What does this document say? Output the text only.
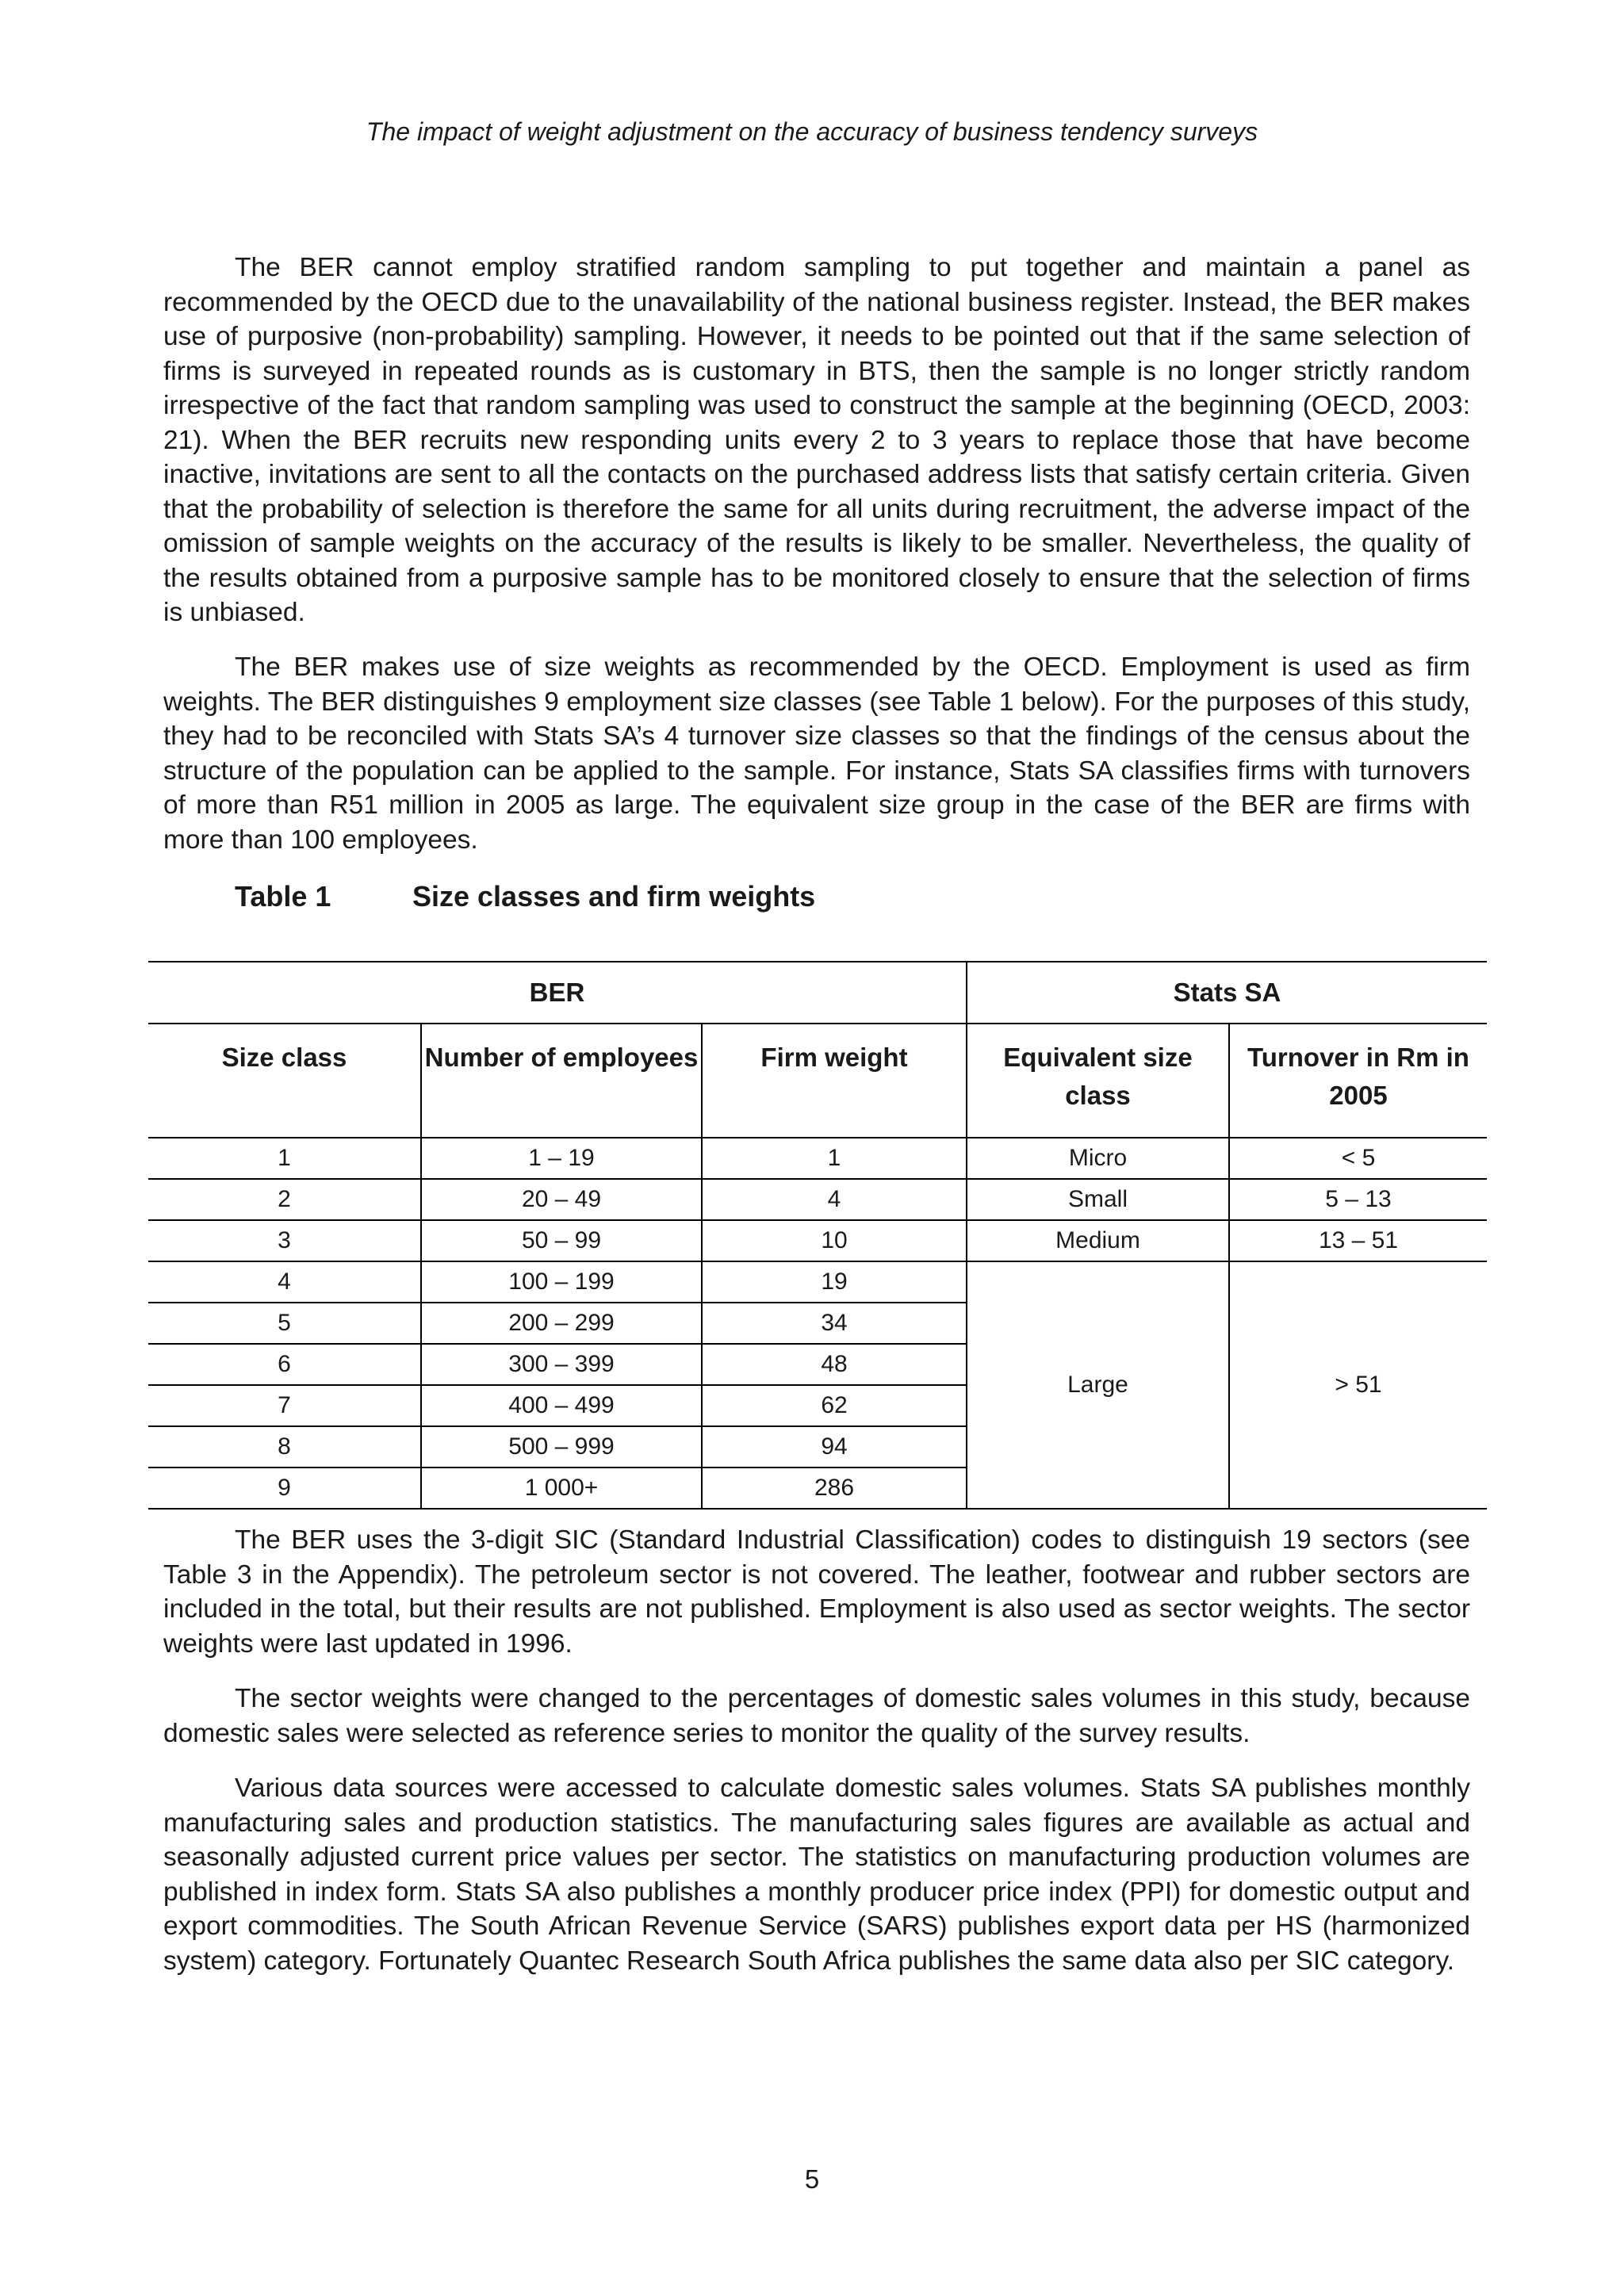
The impact of weight adjustment on the accuracy of business tendency surveys

The BER cannot employ stratified random sampling to put together and maintain a panel as recommended by the OECD due to the unavailability of the national business register. Instead, the BER makes use of purposive (non-probability) sampling. However, it needs to be pointed out that if the same selection of firms is surveyed in repeated rounds as is customary in BTS, then the sample is no longer strictly random irrespective of the fact that random sampling was used to construct the sample at the beginning (OECD, 2003: 21). When the BER recruits new responding units every 2 to 3 years to replace those that have become inactive, invitations are sent to all the contacts on the purchased address lists that satisfy certain criteria. Given that the probability of selection is therefore the same for all units during recruitment, the adverse impact of the omission of sample weights on the accuracy of the results is likely to be smaller. Nevertheless, the quality of the results obtained from a purposive sample has to be monitored closely to ensure that the selection of firms is unbiased.

The BER makes use of size weights as recommended by the OECD. Employment is used as firm weights. The BER distinguishes 9 employment size classes (see Table 1 below). For the purposes of this study, they had to be reconciled with Stats SA’s 4 turnover size classes so that the findings of the census about the structure of the population can be applied to the sample. For instance, Stats SA classifies firms with turnovers of more than R51 million in 2005 as large. The equivalent size group in the case of the BER are firms with more than 100 employees.

Table 1	Size classes and firm weights
BER			Stats SA	
Size class	Number of employees	Firm weight	Equivalent size class	Turnover in Rm in 2005
1	1 – 19	1	Micro	< 5
2	20 – 49	4	Small	5 – 13
3	50 – 99	10	Medium	13 – 51
4	100 – 199	19	Large	> 51
5	200 – 299	34		
6	300 – 399	48		
7	400 – 499	62		
8	500 – 999	94		
9	1 000+	286		

The BER uses the 3-digit SIC (Standard Industrial Classification) codes to distinguish 19 sectors (see Table 3 in the Appendix). The petroleum sector is not covered. The leather, footwear and rubber sectors are included in the total, but their results are not published. Employment is also used as sector weights. The sector weights were last updated in 1996.

The sector weights were changed to the percentages of domestic sales volumes in this study, because domestic sales were selected as reference series to monitor the quality of the survey results.

Various data sources were accessed to calculate domestic sales volumes. Stats SA publishes monthly manufacturing sales and production statistics. The manufacturing sales figures are available as actual and seasonally adjusted current price values per sector. The statistics on manufacturing production volumes are published in index form. Stats SA also publishes a monthly producer price index (PPI) for domestic output and export commodities. The South African Revenue Service (SARS) publishes export data per HS (harmonized system) category. Fortunately Quantec Research South Africa publishes the same data also per SIC category.

5
